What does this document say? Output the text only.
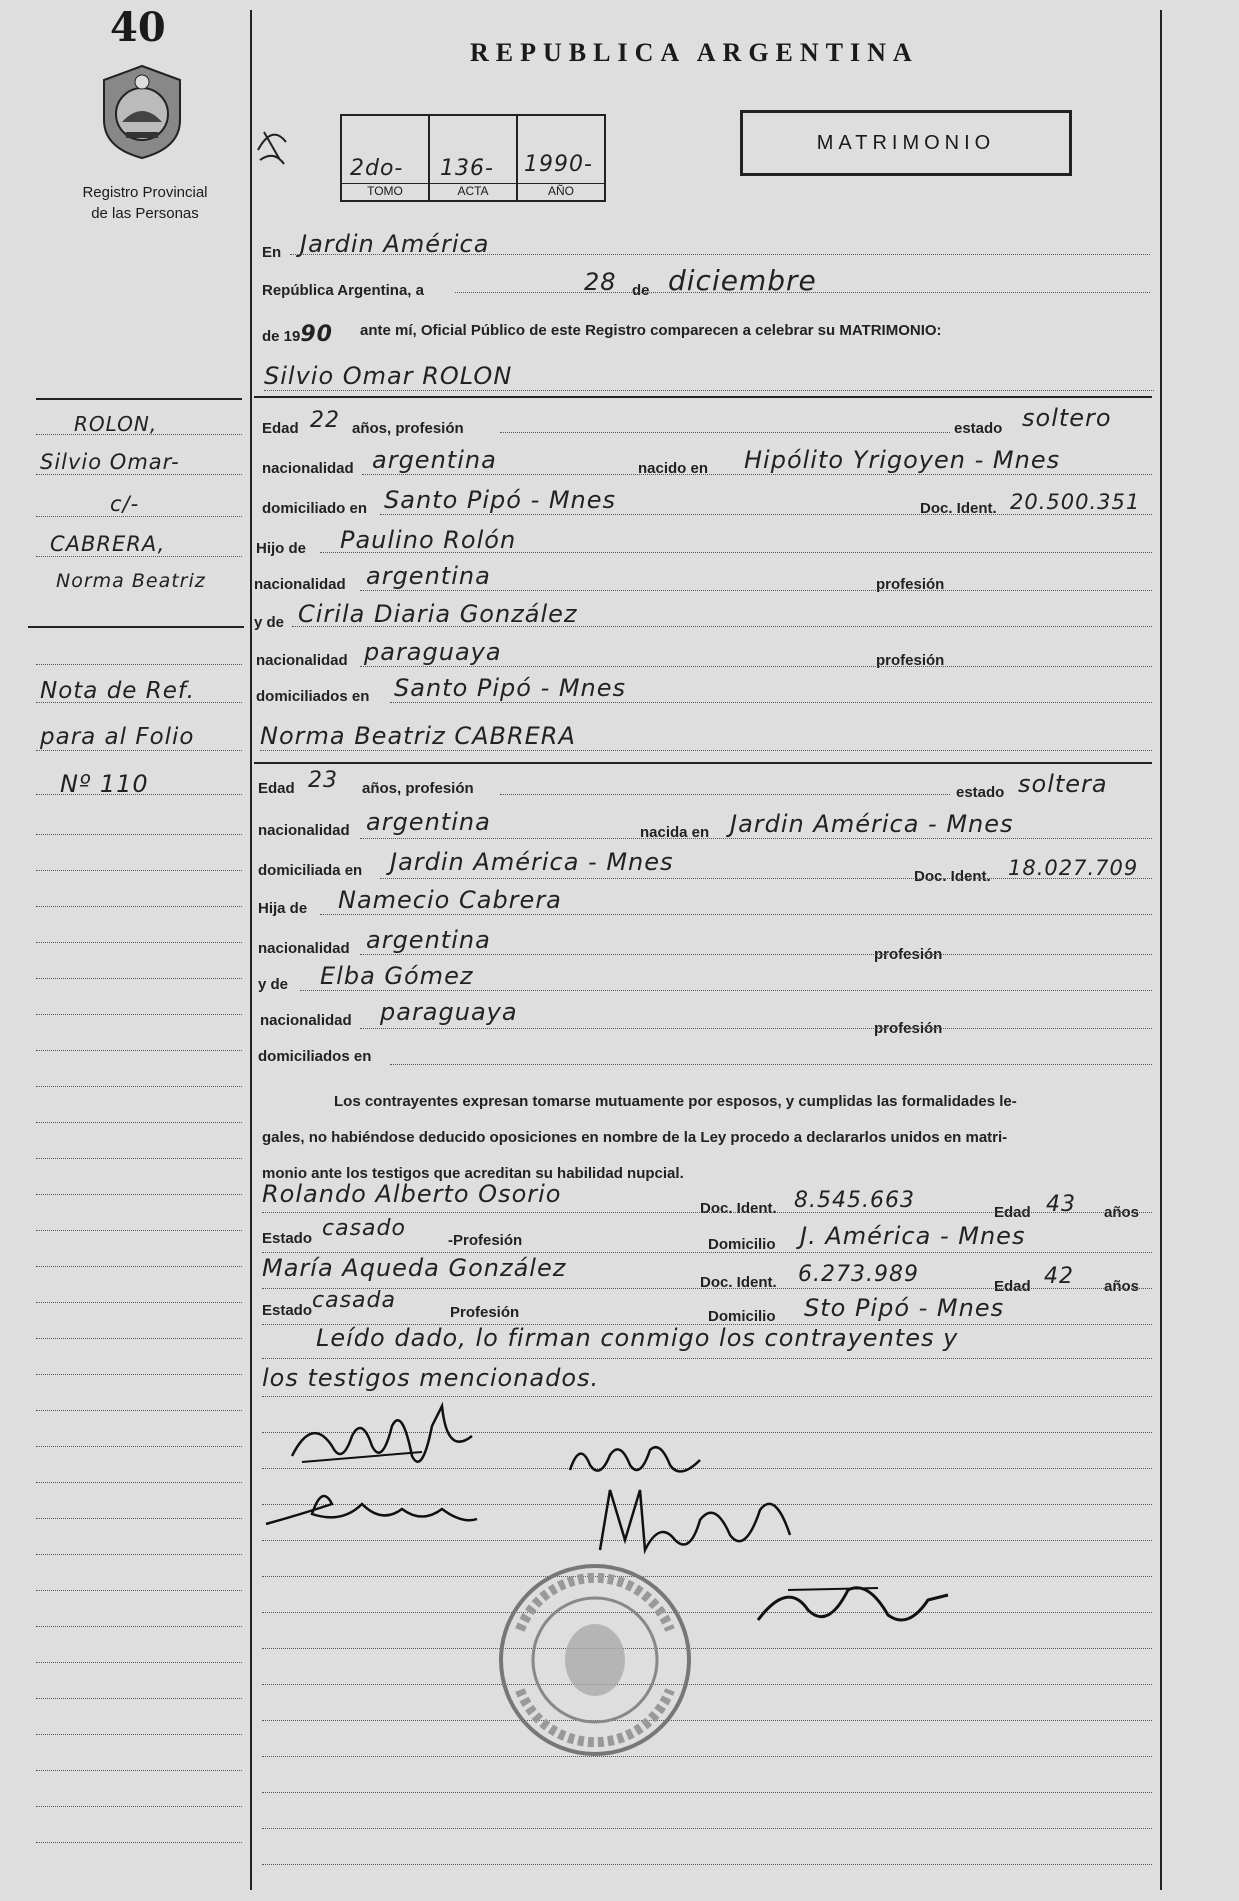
40
Registro Provincial
de las Personas
REPUBLICA ARGENTINA
MATRIMONIO
2do-
TOMO
136-
ACTA
1990-
AÑO
ROLON,
Silvio Omar-
c/-
CABRERA,
Norma Beatriz
Nota de Ref.
para al Folio
Nº 110
En Jardin América
República Argentina, a	28 de diciembre
de 1990 ante mí, Oficial Público de este Registro comparecen a celebrar su MATRIMONIO:
Silvio Omar ROLON
Edad 22 años, profesión	estado soltero
nacionalidad argentina	nacido en Hipólito Yrigoyen - Mnes
domiciliado en Santo Pipó - Mnes	Doc. Ident. 20.500.351
Hijo de Paulino Rolón
nacionalidad argentina	profesión
y de Cirila Diaria González
nacionalidad paraguaya	profesión
domiciliados en Santo Pipó - Mnes
Norma Beatriz CABRERA
Edad 23 años, profesión	estado soltera
nacionalidad argentina	nacida en Jardin América - Mnes
domiciliada en Jardin América - Mnes
Doc. Ident. 18.027.709
Hija de Namecio Cabrera
nacionalidad argentina
profesión
y de Elba Gómez
nacionalidad paraguaya
profesión
domiciliados en
Los contrayentes expresan tomarse mutuamente por esposos, y cumplidas las formalidades le-
gales, no habiéndose deducido oposiciones en nombre de la Ley procedo a declararlos unidos en matri-
monio ante los testigos que acreditan su habilidad nupcial.
Rolando Alberto Osorio
Doc. Ident. 8.545.663	Edad 43 años
Estado casado	-Profesión	Domicilio J. América - Mnes
María Aqueda González
Doc. Ident. 6.273.989	Edad 42 años
Estado casada	Profesión	Domicilio Sto Pipó - Mnes
Leído dado, lo firman conmigo los contrayentes y
los testigos mencionados.
